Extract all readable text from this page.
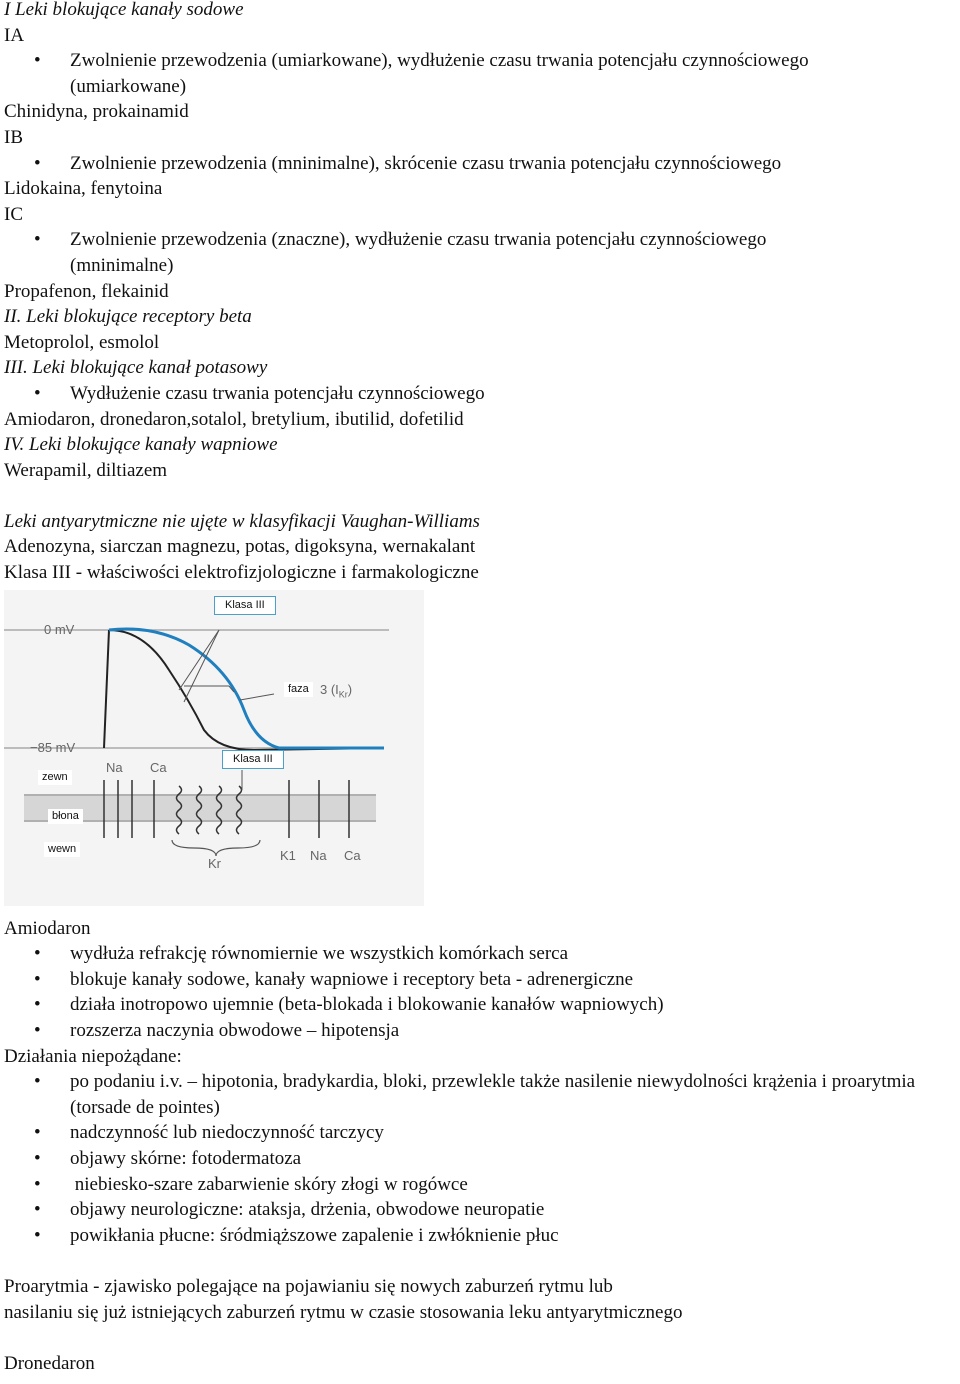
I Leki blokujące kanały sodowe
IA
• Zwolnienie przewodzenia (umiarkowane), wydłużenie czasu trwania potencjału czynnościowego
(umiarkowane)
Chinidyna, prokainamid
IB
• Zwolnienie przewodzenia (mninimalne), skrócenie czasu trwania potencjału czynnościowego
Lidokaina, fenytoina
IC
• Zwolnienie przewodzenia (znaczne), wydłużenie czasu trwania potencjału czynnościowego
(mninimalne)
Propafenon, flekainid
II. Leki blokujące receptory beta
Metoprolol, esmolol
III. Leki blokujące kanał potasowy
• Wydłużenie czasu trwania potencjału czynnościowego
Amiodaron, dronedaron,sotalol, bretylium, ibutilid, dofetilid
IV. Leki blokujące kanały wapniowe
Werapamil, diltiazem
Leki antyarytmiczne nie ujęte w klasyfikacji Vaughan-Williams
Adenozyna, siarczan magnezu, potas, digoksyna, wernakalant
Klasa III - właściwości elektrofizjologiczne i farmakologiczne
0 mV
−85 mV
Klasa III
faza 3 $(I_{Kr})$
Klasa III
Na Ca
zewn
błona
wewn
Kr
K1 Na Ca
Amiodaron
• wydłuża refrakcję równomiernie we wszystkich komórkach serca
• blokuje kanały sodowe, kanały wapniowe i receptory beta - adrenergiczne
• działa inotropowo ujemnie (beta-blokada i blokowanie kanałów wapniowych)
• rozszerza naczynia obwodowe – hipotensja
Działania niepożądane:
• po podaniu i.v. – hipotonia, bradykardia, bloki, przewlekle także nasilenie niewydolności krążenia i proarytmia (torsade de pointes)
• nadczynność lub niedoczynność tarczycy
• objawy skórne: fotodermatoza
• niebiesko-szare zabarwienie skóry złogi w rogówce
• objawy neurologiczne: ataksja, drżenia, obwodowe neuropatie
• powikłania płucne: śródmiąższowe zapalenie i zwłóknienie płuc
Proarytmia - zjawisko polegające na pojawianiu się nowych zaburzeń rytmu lub
nasilaniu się już istniejących zaburzeń rytmu w czasie stosowania leku antyarytmicznego
Dronedaron
